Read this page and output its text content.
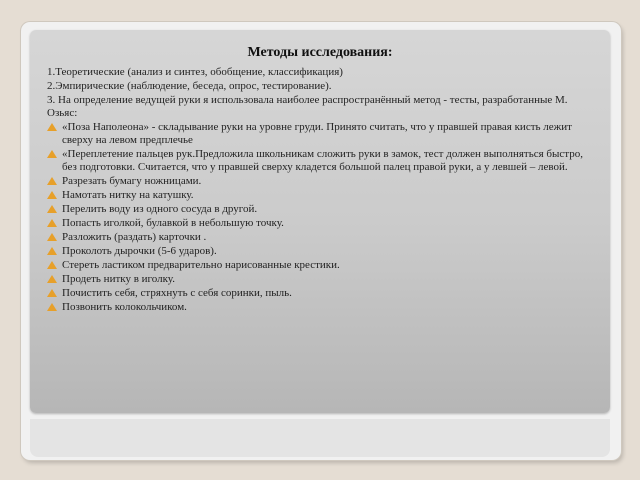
Методы исследования:
1.Теоретические (анализ и синтез, обобщение, классификация)
2.Эмпирические (наблюдение, беседа, опрос, тестирование).
3. На определение ведущей руки я использовала наиболее распространённый метод - тесты, разработанные М. Озьяс:
«Поза Наполеона» - складывание руки на уровне груди. Принято считать, что у правшей правая кисть лежит сверху на левом предплечье
«Переплетение пальцев рук.Предложила школьникам сложить руки в замок, тест должен выполняться быстро, без подготовки. Считается, что у правшей сверху кладется большой палец правой руки, а у левшей – левой.
Разрезать бумагу ножницами.
Намотать нитку на катушку.
Перелить воду из одного сосуда в другой.
Попасть иголкой, булавкой в небольшую точку.
Разложить (раздать) карточки .
Проколоть дырочки (5-6 ударов).
Стереть ластиком предварительно нарисованные крестики.
Продеть нитку в иголку.
Почистить себя, стряхнуть с себя соринки, пыль.
Позвонить колокольчиком.
